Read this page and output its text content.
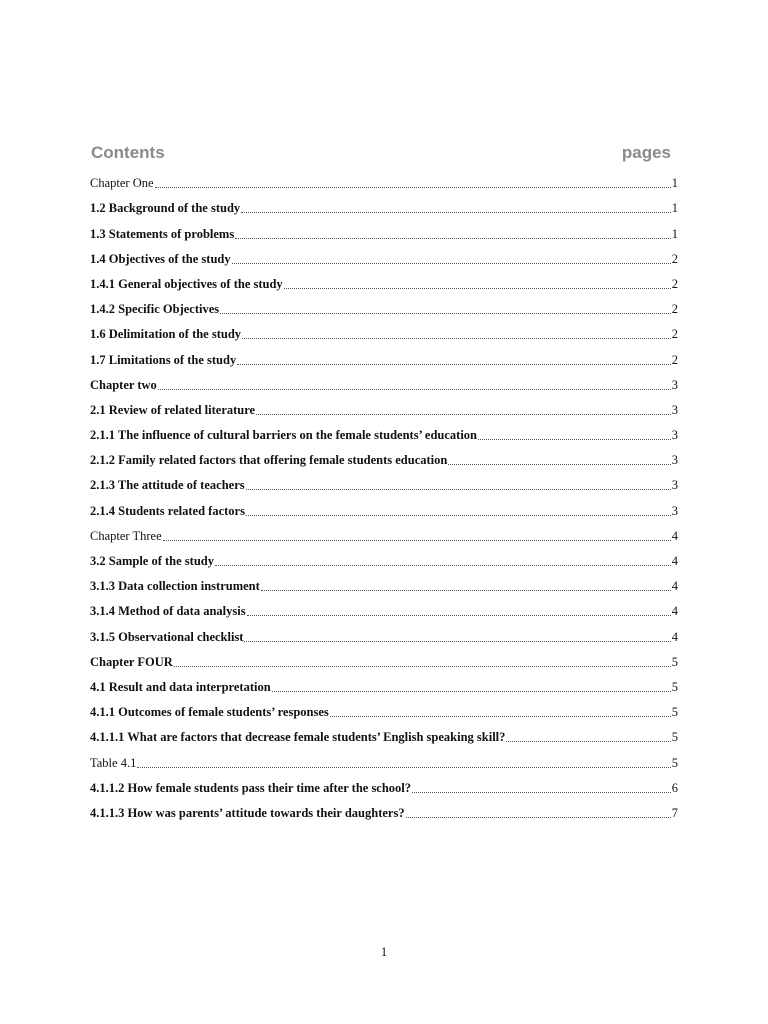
Contents	pages
Chapter One	1
1.2 Background of the study	1
1.3 Statements of problems	1
1.4 Objectives of the study	2
1.4.1 General objectives of the study	2
1.4.2 Specific Objectives	2
1.6 Delimitation of the study	2
1.7 Limitations of the study	2
Chapter two	3
2.1 Review of related literature	3
2.1.1 The influence of cultural barriers on the female students’ education	3
2.1.2 Family related factors that offering female students education	3
2.1.3 The attitude of teachers	3
2.1.4 Students related factors	3
Chapter Three	4
3.2 Sample of the study	4
3.1.3 Data collection instrument	4
3.1.4 Method of data analysis	4
3.1.5 Observational checklist	4
Chapter FOUR	5
4.1 Result and data interpretation	5
4.1.1 Outcomes of female students’ responses	5
4.1.1.1 What are factors that decrease female students’ English speaking skill?	5
Table 4.1	5
4.1.1.2 How female students pass their time after the school?	6
4.1.1.3 How was parents’ attitude towards their daughters?	7
1
